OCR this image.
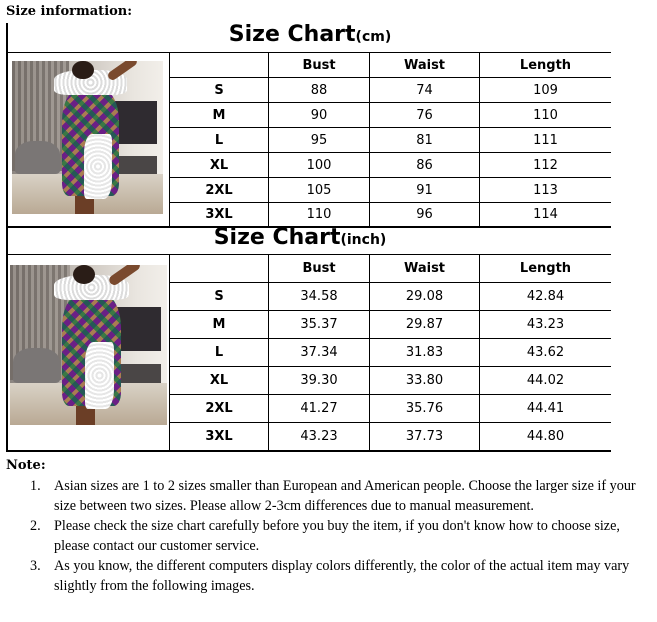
Size information:
Size Chart(cm)
Bust	Waist	Length
S	88	74	109
M	90	76	110
L	95	81	111
XL	100	86	112
2XL	105	91	113
3XL	110	96	114
Size Chart(inch)
Bust	Waist	Length
S	34.58	29.08	42.84
M	35.37	29.87	43.23
L	37.34	31.83	43.62
XL	39.30	33.80	44.02
2XL	41.27	35.76	44.41
3XL	43.23	37.73	44.80
Note:
1. Asian sizes are 1 to 2 sizes smaller than European and American people. Choose the larger size if your size between two sizes. Please allow 2-3cm differences due to manual measurement.
2. Please check the size chart carefully before you buy the item, if you don't know how to choose size, please contact our customer service.
3. As you know, the different computers display colors differently, the color of the actual item may vary slightly from the following images.
